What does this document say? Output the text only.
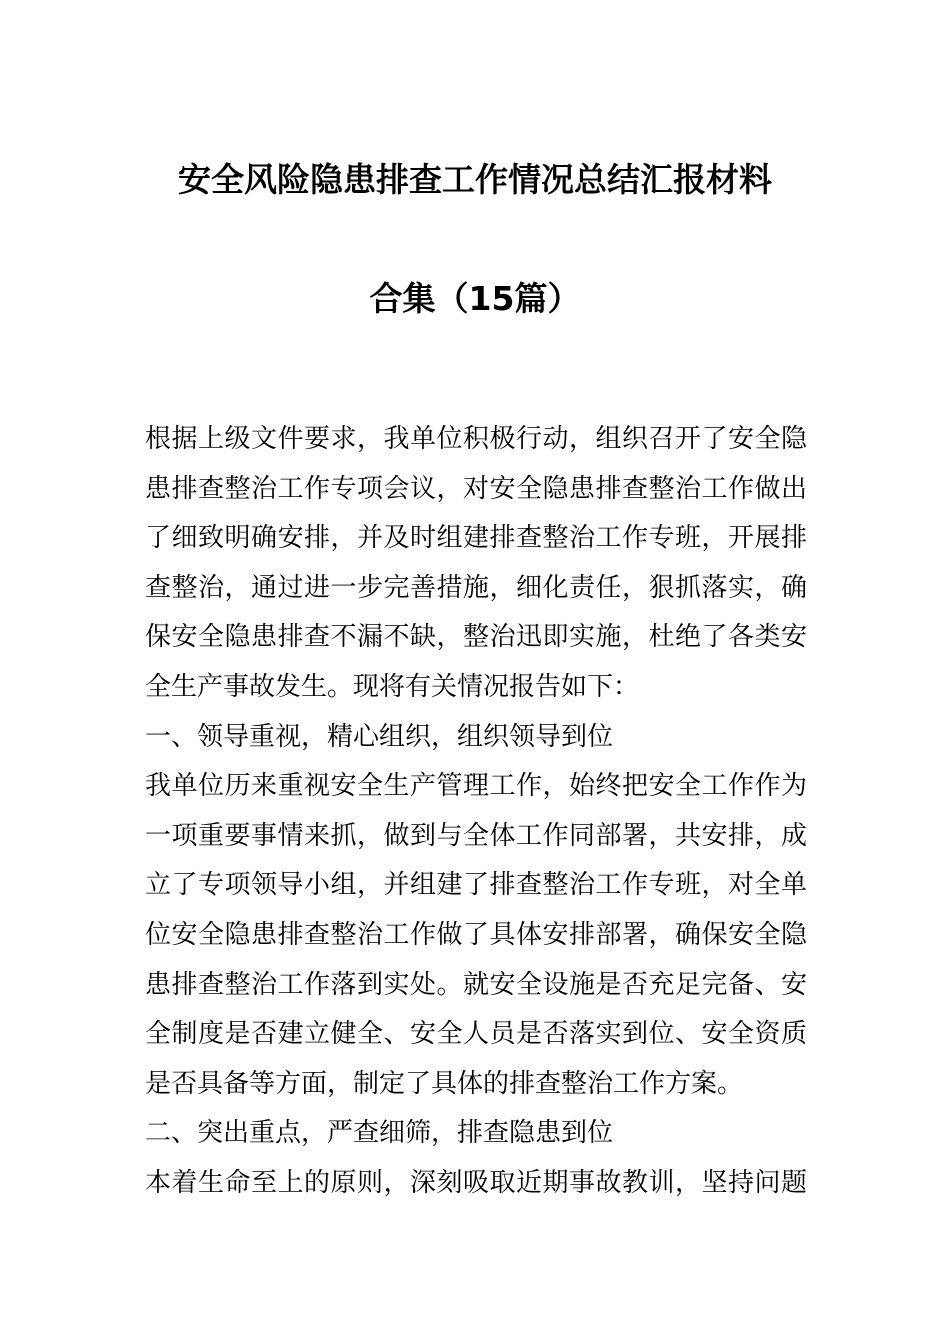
安全风险隐患排查工作情况总结汇报材料
合集（15篇）
根据上级文件要求，我单位积极行动，组织召开了安全隐
患排查整治工作专项会议，对安全隐患排查整治工作做出
了细致明确安排，并及时组建排查整治工作专班，开展排
查整治，通过进一步完善措施，细化责任，狠抓落实，确
保安全隐患排查不漏不缺，整治迅即实施，杜绝了各类安
全生产事故发生。现将有关情况报告如下：
一、领导重视，精心组织，组织领导到位
我单位历来重视安全生产管理工作，始终把安全工作作为
一项重要事情来抓，做到与全体工作同部署，共安排，成
立了专项领导小组，并组建了排查整治工作专班，对全单
位安全隐患排查整治工作做了具体安排部署，确保安全隐
患排查整治工作落到实处。就安全设施是否充足完备、安
全制度是否建立健全、安全人员是否落实到位、安全资质
是否具备等方面，制定了具体的排查整治工作方案。
二、突出重点，严查细筛，排查隐患到位
本着生命至上的原则，深刻吸取近期事故教训，坚持问题
